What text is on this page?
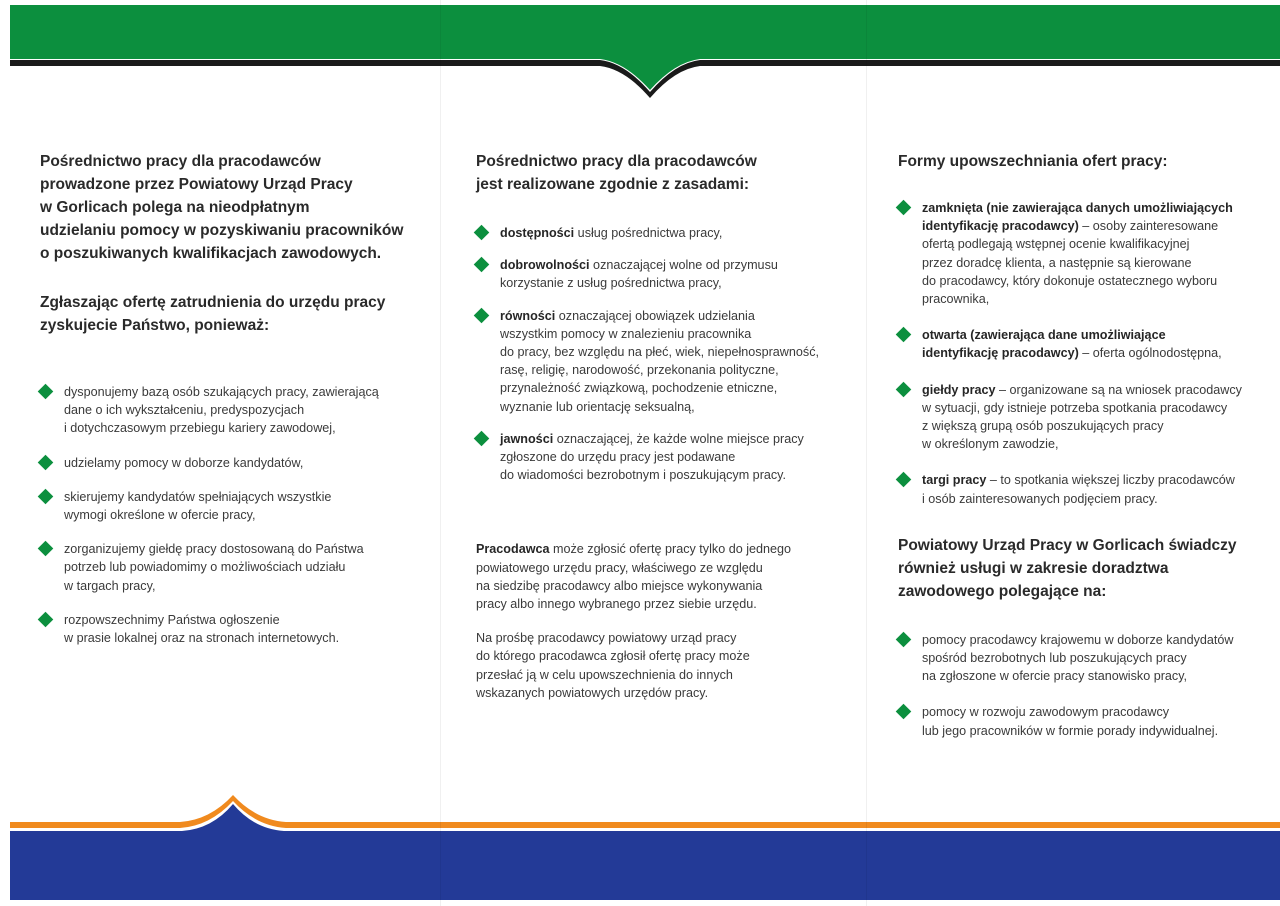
Pośrednictwo pracy dla pracodawców
prowadzone przez Powiatowy Urząd Pracy
w Gorlicach polega na nieodpłatnym
udzielaniu pomocy w pozyskiwaniu pracowników
o poszukiwanych kwalifikacjach zawodowych.
Zgłaszając ofertę zatrudnienia do urzędu pracy
zyskujecie Państwo, ponieważ:
dysponujemy bazą osób szukających pracy, zawierającą
dane o ich wykształceniu, predyspozycjach
i dotychczasowym przebiegu kariery zawodowej,
udzielamy pomocy w doborze kandydatów,
skierujemy kandydatów spełniających wszystkie
wymogi określone w ofercie pracy,
zorganizujemy giełdę pracy dostosowaną do Państwa
potrzeb lub powiadomimy o możliwościach udziału
w targach pracy,
rozpowszechnimy Państwa ogłoszenie
w prasie lokalnej oraz na stronach internetowych.
Pośrednictwo pracy dla pracodawców
jest realizowane zgodnie z zasadami:
dostępności usług pośrednictwa pracy,
dobrowolności oznaczającej wolne od przymusu
korzystanie z usług pośrednictwa pracy,
równości oznaczającej obowiązek udzielania
wszystkim pomocy w znalezieniu pracownika
do pracy, bez względu na płeć, wiek, niepełnosprawność,
rasę, religię, narodowość, przekonania polityczne,
przynależność związkową, pochodzenie etniczne,
wyznanie lub orientację seksualną,
jawności oznaczającej, że każde wolne miejsce pracy
zgłoszone do urzędu pracy jest podawane
do wiadomości bezrobotnym i poszukującym pracy.

Pracodawca może zgłosić ofertę pracy tylko do jednego
powiatowego urzędu pracy, właściwego ze względu
na siedzibę pracodawcy albo miejsce wykonywania
pracy albo innego wybranego przez siebie urzędu.

Na prośbę pracodawcy powiatowy urząd pracy
do którego pracodawca zgłosił ofertę pracy może
przesłać ją w celu upowszechnienia do innych
wskazanych powiatowych urzędów pracy.

Formy upowszechniania ofert pracy:
zamknięta (nie zawierająca danych umożliwiających
identyfikację pracodawcy) – osoby zainteresowane
ofertą podlegają wstępnej ocenie kwalifikacyjnej
przez doradcę klienta, a następnie są kierowane
do pracodawcy, który dokonuje ostatecznego wyboru
pracownika,
otwarta (zawierająca dane umożliwiające
identyfikację pracodawcy) – oferta ogólnodostępna,
giełdy pracy – organizowane są na wniosek pracodawcy
w sytuacji, gdy istnieje potrzeba spotkania pracodawcy
z większą grupą osób poszukujących pracy
w określonym zawodzie,
targi pracy – to spotkania większej liczby pracodawców
i osób zainteresowanych podjęciem pracy.
Powiatowy Urząd Pracy w Gorlicach świadczy
również usługi w zakresie doradztwa
zawodowego polegające na:
pomocy pracodawcy krajowemu w doborze kandydatów
spośród bezrobotnych lub poszukujących pracy
na zgłoszone w ofercie pracy stanowisko pracy,
pomocy w rozwoju zawodowym pracodawcy
lub jego pracowników w formie porady indywidualnej.
